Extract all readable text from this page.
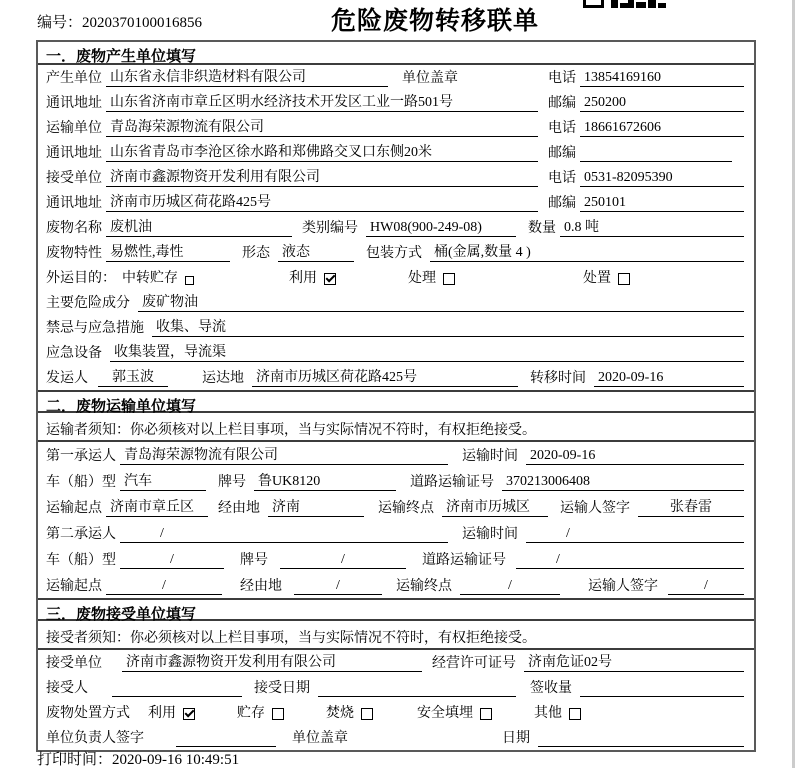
编号：2020370100016856	危险废物转移联单
一．废物产生单位填写
产生单位 山东省永信非织造材料有限公司	单位盖章	电话 13854169160
通讯地址 山东省济南市章丘区明水经济技术开发区工业一路501号	邮编 250200
运输单位 青岛海荣源物流有限公司	电话 18661672606
通讯地址 山东省青岛市李沧区徐水路和郑佛路交叉口东侧20米	邮编
接受单位 济南市鑫源物资开发利用有限公司	电话 0531-82095390
通讯地址 济南市历城区荷花路425号	邮编 250101
废物名称 废机油	类别编号 HW08(900-249-08)	数量 0.8 吨
废物特性 易燃性,毒性	形态 液态	包装方式 桶(金属,数量 4 )
外运目的： 中转贮存	利用	处理	处置
主要危险成分 废矿物油
禁忌与应急措施 收集、导流
应急设备 收集装置，导流渠
发运人	郭玉波	运达地 济南市历城区荷花路425号	转移时间 2020-09-16
二．废物运输单位填写
运输者须知：你必须核对以上栏目事项，当与实际情况不符时，有权拒绝接受。
第一承运人 青岛海荣源物流有限公司	运输时间 2020-09-16
车（船）型 汽车	牌号 鲁UK8120	道路运输证号 370213006408
运输起点 济南市章丘区	经由地 济南	运输终点 济南市历城区	运输人签字	张春雷
第二承运人	/	运输时间	/
车（船）型	/	牌号	/	道路运输证号	/
运输起点	/	经由地	/	运输终点	/	运输人签字	/
三．废物接受单位填写
接受者须知：你必须核对以上栏目事项，当与实际情况不符时，有权拒绝接受。
接受单位 济南市鑫源物资开发利用有限公司	经营许可证号 济南危证02号
接受人	接受日期	签收量
废物处置方式 利用	贮存	焚烧	安全填埋	其他
单位负责人签字	单位盖章	日期
打印时间：2020-09-16 10:49:51
